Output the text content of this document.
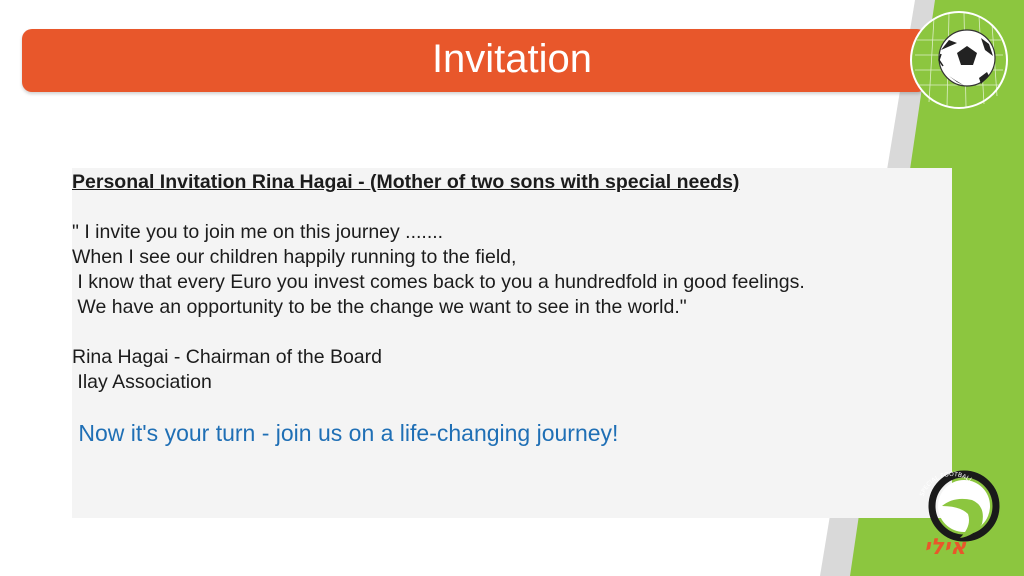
Invitation
Personal Invitation Rina Hagai - (Mother of two sons with special needs)
" I invite you to join me on this journey .......
When I see our children happily running to the field,
I know that every Euro you invest comes back to you a hundredfold in good feelings.
We have an opportunity to be the change we want to see in the world."
Rina Hagai - Chairman of the Board
Ilay Association
Now it's your turn - join us on a life-changing journey!
אילי
SPECIAL FOOTBALL
